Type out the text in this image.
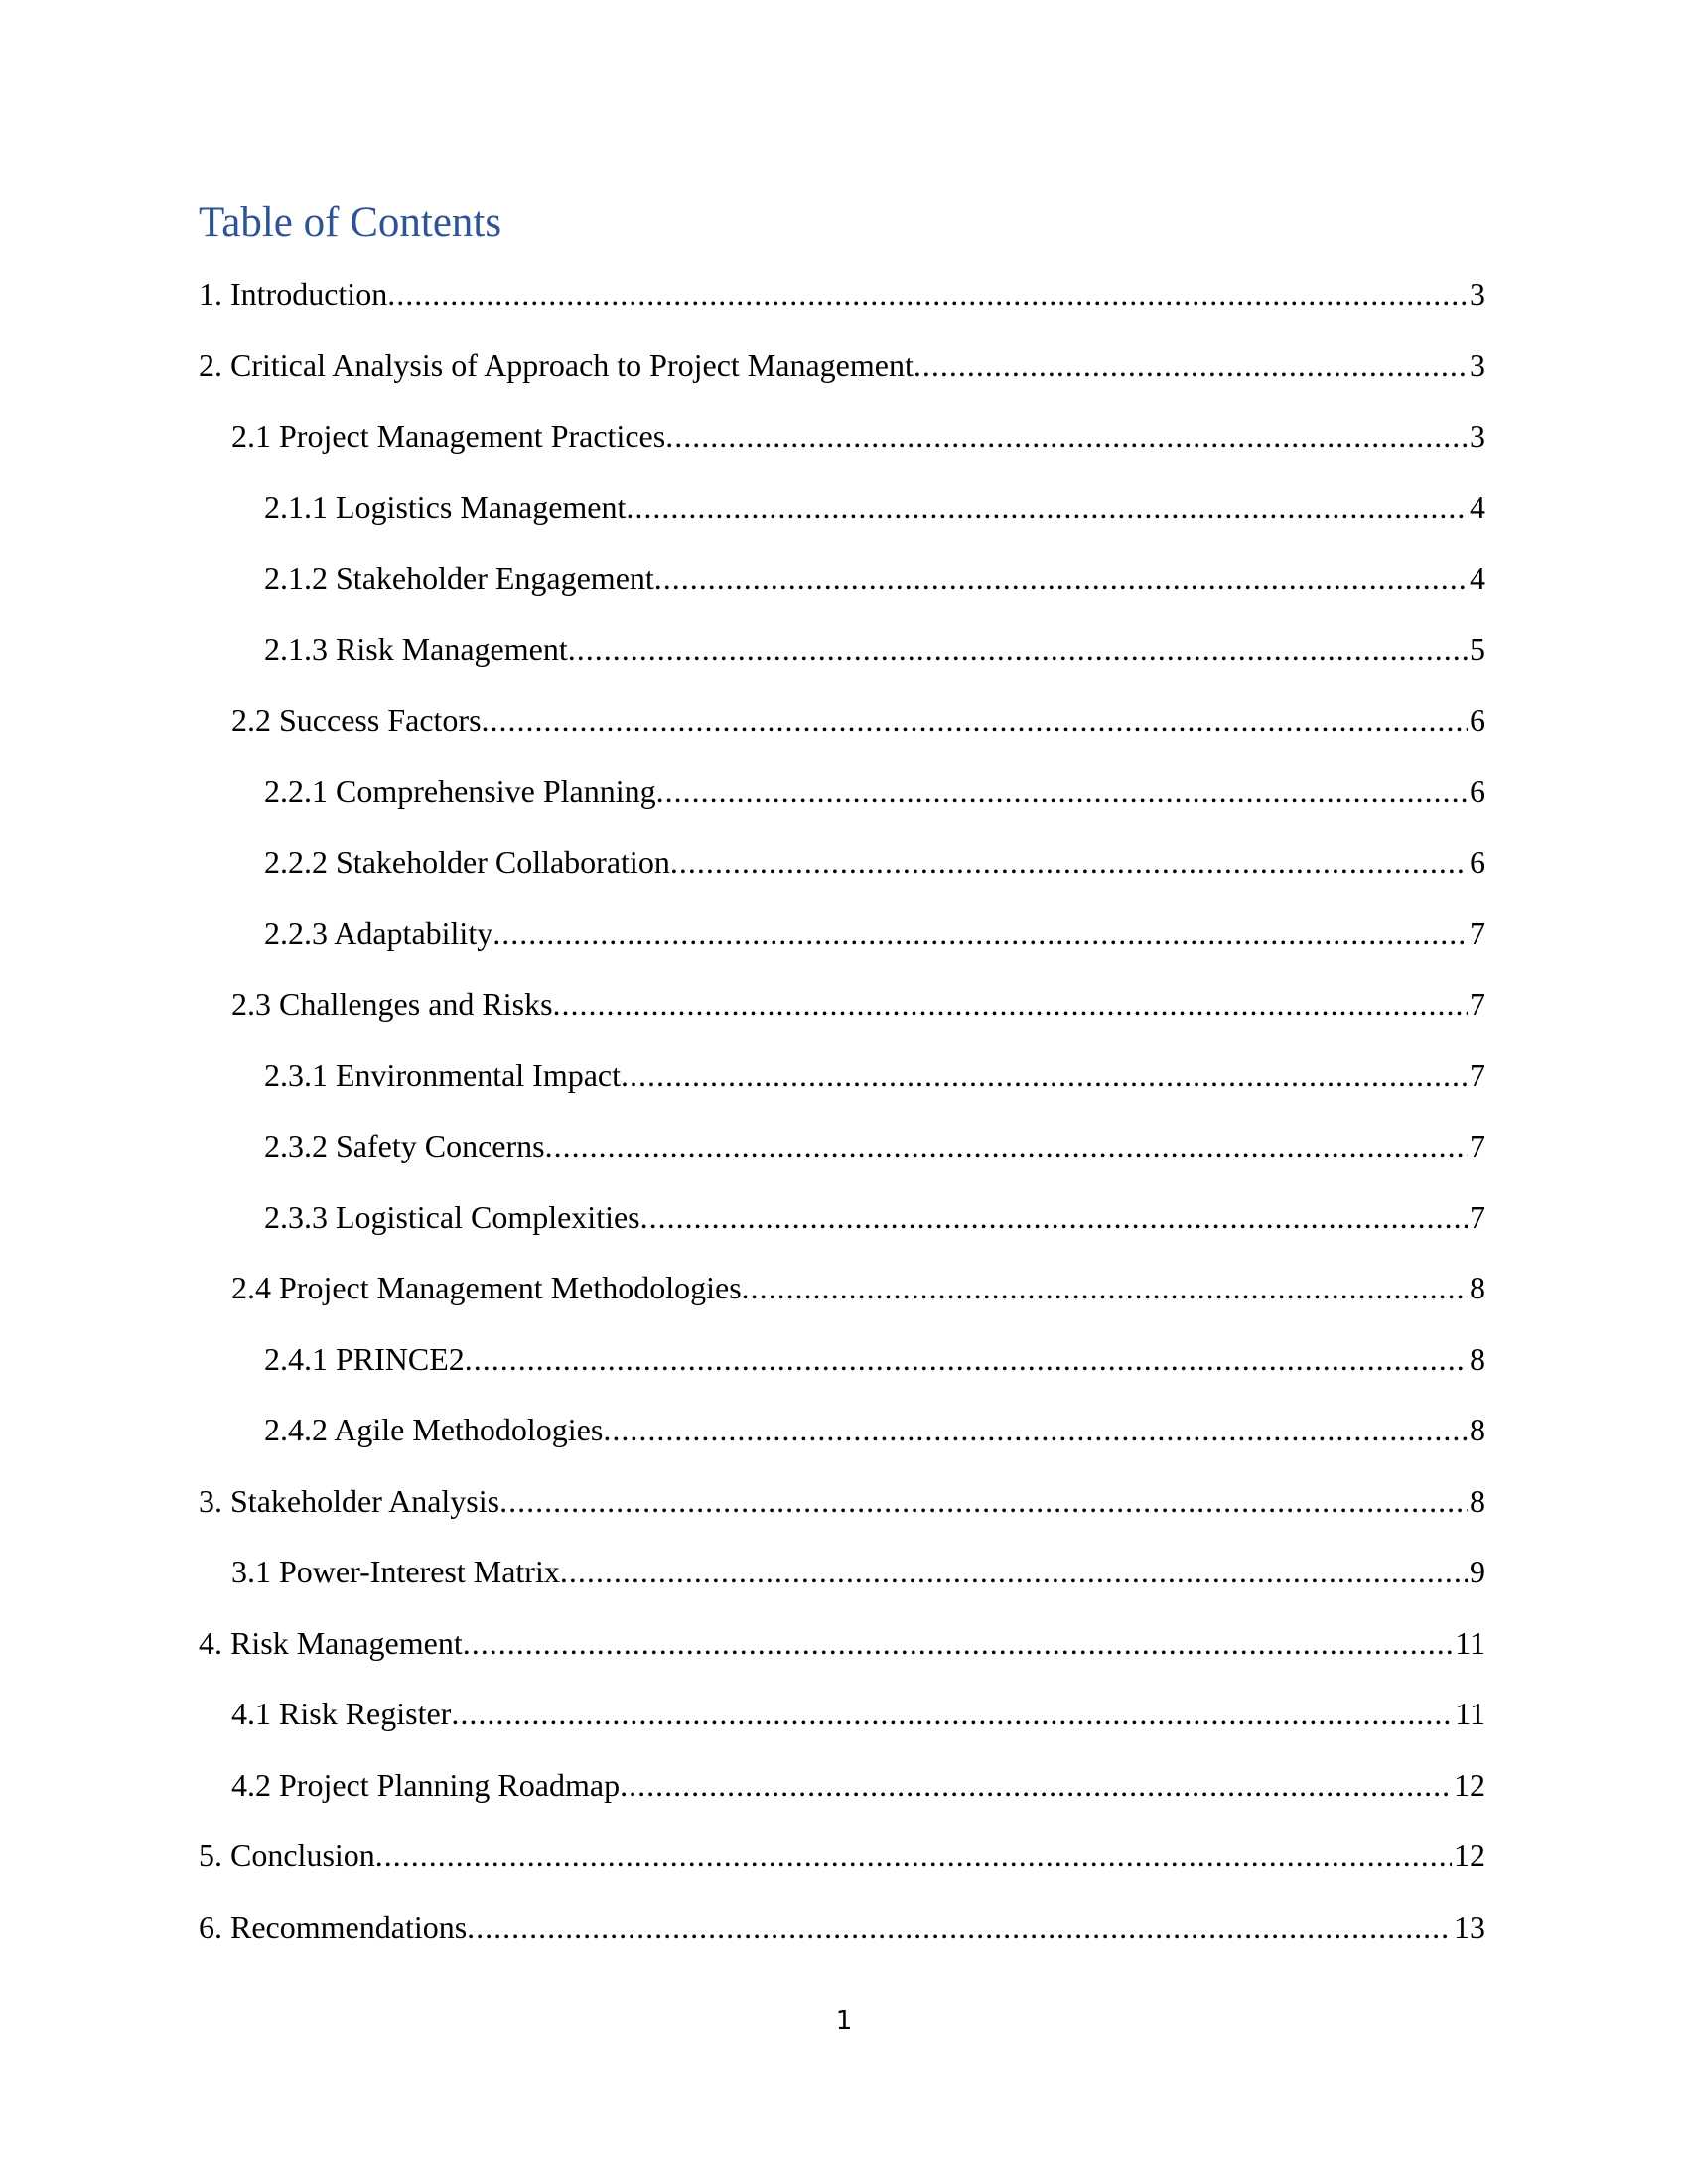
Table of Contents
1. Introduction .....	3
2. Critical Analysis of Approach to Project Management .....	3
2.1 Project Management Practices .....	3
2.1.1 Logistics Management .....	4
2.1.2 Stakeholder Engagement .....	4
2.1.3 Risk Management .....	5
2.2 Success Factors .....	6
2.2.1 Comprehensive Planning .....	6
2.2.2 Stakeholder Collaboration .....	6
2.2.3 Adaptability .....	7
2.3 Challenges and Risks .....	7
2.3.1 Environmental Impact .....	7
2.3.2 Safety Concerns .....	7
2.3.3 Logistical Complexities .....	7
2.4 Project Management Methodologies .....	8
2.4.1 PRINCE2 .....	8
2.4.2 Agile Methodologies .....	8
3. Stakeholder Analysis .....	8
3.1 Power-Interest Matrix .....	9
4. Risk Management .....	11
4.1 Risk Register .....	11
4.2 Project Planning Roadmap .....	12
5. Conclusion .....	12
6. Recommendations .....	13
1
